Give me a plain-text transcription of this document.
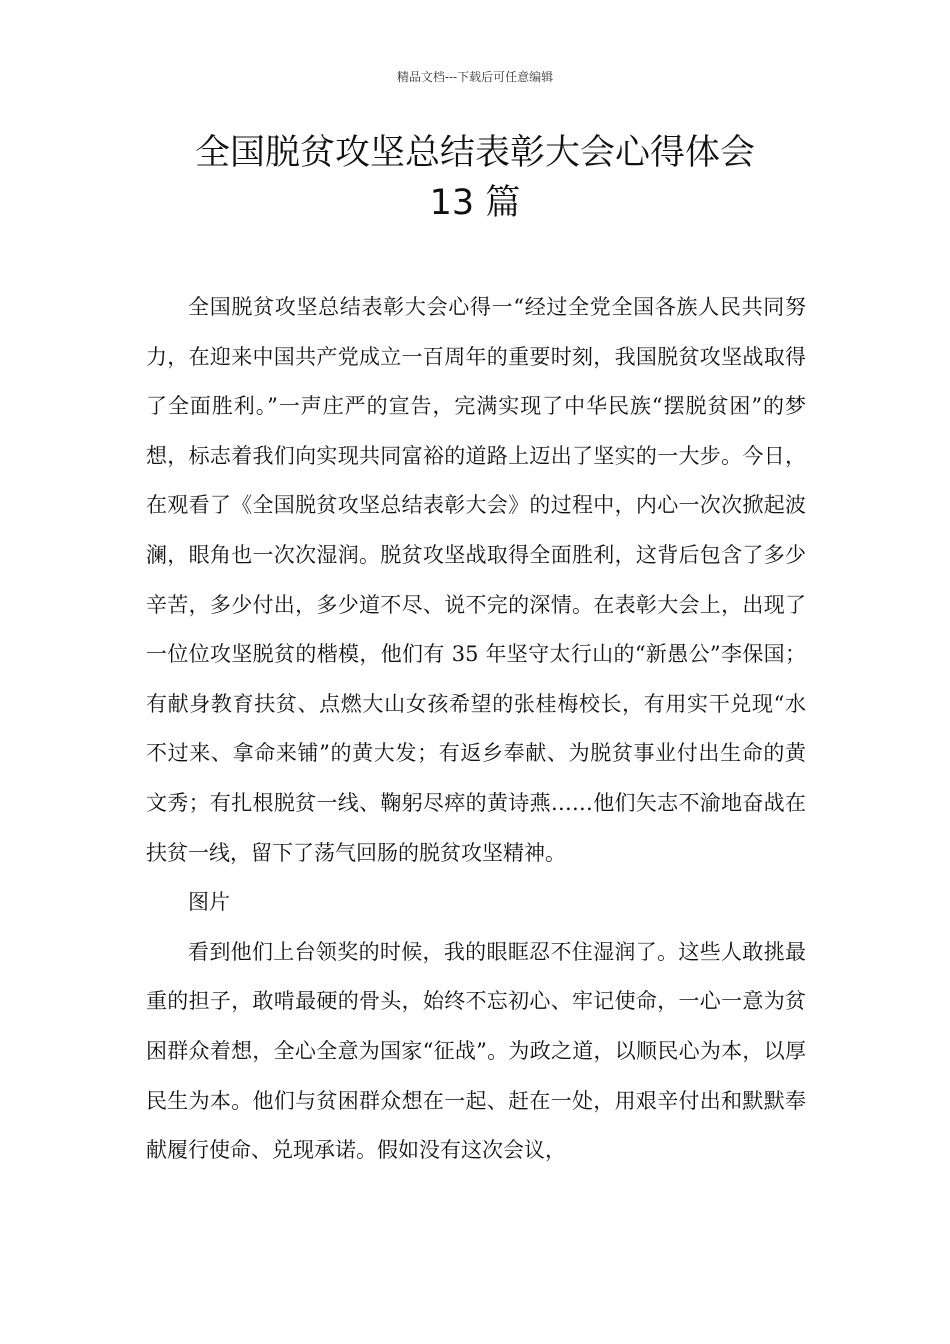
精品文档---下载后可任意编辑
全国脱贫攻坚总结表彰大会心得体会
13 篇

全国脱贫攻坚总结表彰大会心得一“经过全党全国各族人民共同努力，在迎来中国共产党成立一百周年的重要时刻，我国脱贫攻坚战取得了全面胜利。”一声庄严的宣告，完满实现了中华民族“摆脱贫困”的梦想，标志着我们向实现共同富裕的道路上迈出了坚实的一大步。今日，在观看了《全国脱贫攻坚总结表彰大会》的过程中，内心一次次掀起波澜，眼角也一次次湿润。脱贫攻坚战取得全面胜利，这背后包含了多少辛苦，多少付出，多少道不尽、说不完的深情。在表彰大会上，出现了一位位攻坚脱贫的楷模，他们有 35 年坚守太行山的“新愚公”李保国；有献身教育扶贫、点燃大山女孩希望的张桂梅校长，有用实干兑现“水不过来、拿命来铺”的黄大发；有返乡奉献、为脱贫事业付出生命的黄文秀；有扎根脱贫一线、鞠躬尽瘁的黄诗燕……他们矢志不渝地奋战在扶贫一线，留下了荡气回肠的脱贫攻坚精神。

图片

看到他们上台领奖的时候，我的眼眶忍不住湿润了。这些人敢挑最重的担子，敢啃最硬的骨头，始终不忘初心、牢记使命，一心一意为贫困群众着想，全心全意为国家“征战”。为政之道，以顺民心为本，以厚民生为本。他们与贫困群众想在一起、赶在一处，用艰辛付出和默默奉献履行使命、兑现承诺。假如没有这次会议，
